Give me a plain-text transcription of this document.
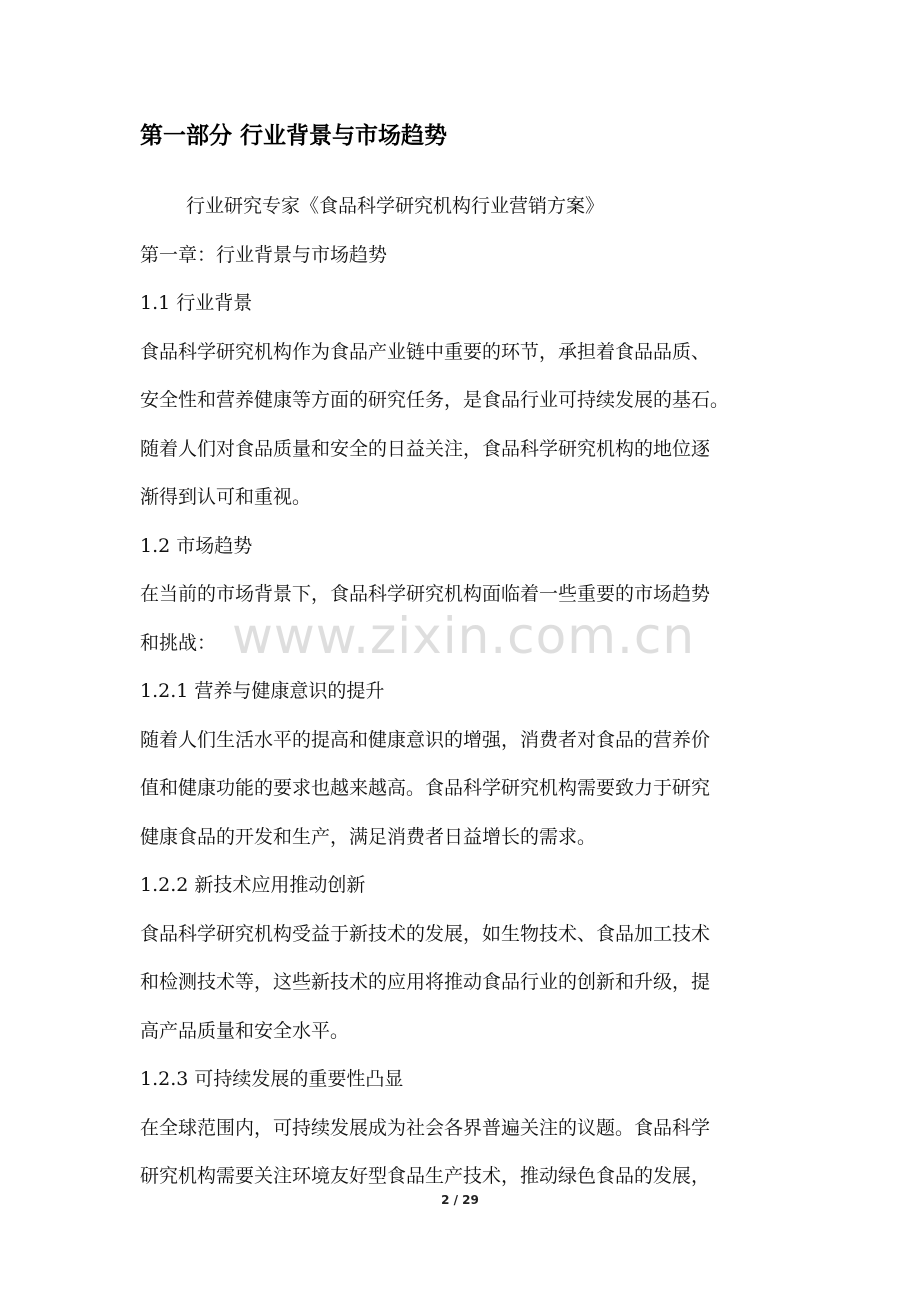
第一部分 行业背景与市场趋势
行业研究专家《食品科学研究机构行业营销方案》
第一章：行业背景与市场趋势
1.1 行业背景
食品科学研究机构作为食品产业链中重要的环节，承担着食品品质、
安全性和营养健康等方面的研究任务，是食品行业可持续发展的基石。
随着人们对食品质量和安全的日益关注，食品科学研究机构的地位逐
渐得到认可和重视。
1.2 市场趋势
在当前的市场背景下，食品科学研究机构面临着一些重要的市场趋势
和挑战：
1.2.1 营养与健康意识的提升
随着人们生活水平的提高和健康意识的增强，消费者对食品的营养价
值和健康功能的要求也越来越高。食品科学研究机构需要致力于研究
健康食品的开发和生产，满足消费者日益增长的需求。
1.2.2 新技术应用推动创新
食品科学研究机构受益于新技术的发展，如生物技术、食品加工技术
和检测技术等，这些新技术的应用将推动食品行业的创新和升级，提
高产品质量和安全水平。
1.2.3 可持续发展的重要性凸显
在全球范围内，可持续发展成为社会各界普遍关注的议题。食品科学
研究机构需要关注环境友好型食品生产技术，推动绿色食品的发展，
www.zixin.com.cn
2 / 29
